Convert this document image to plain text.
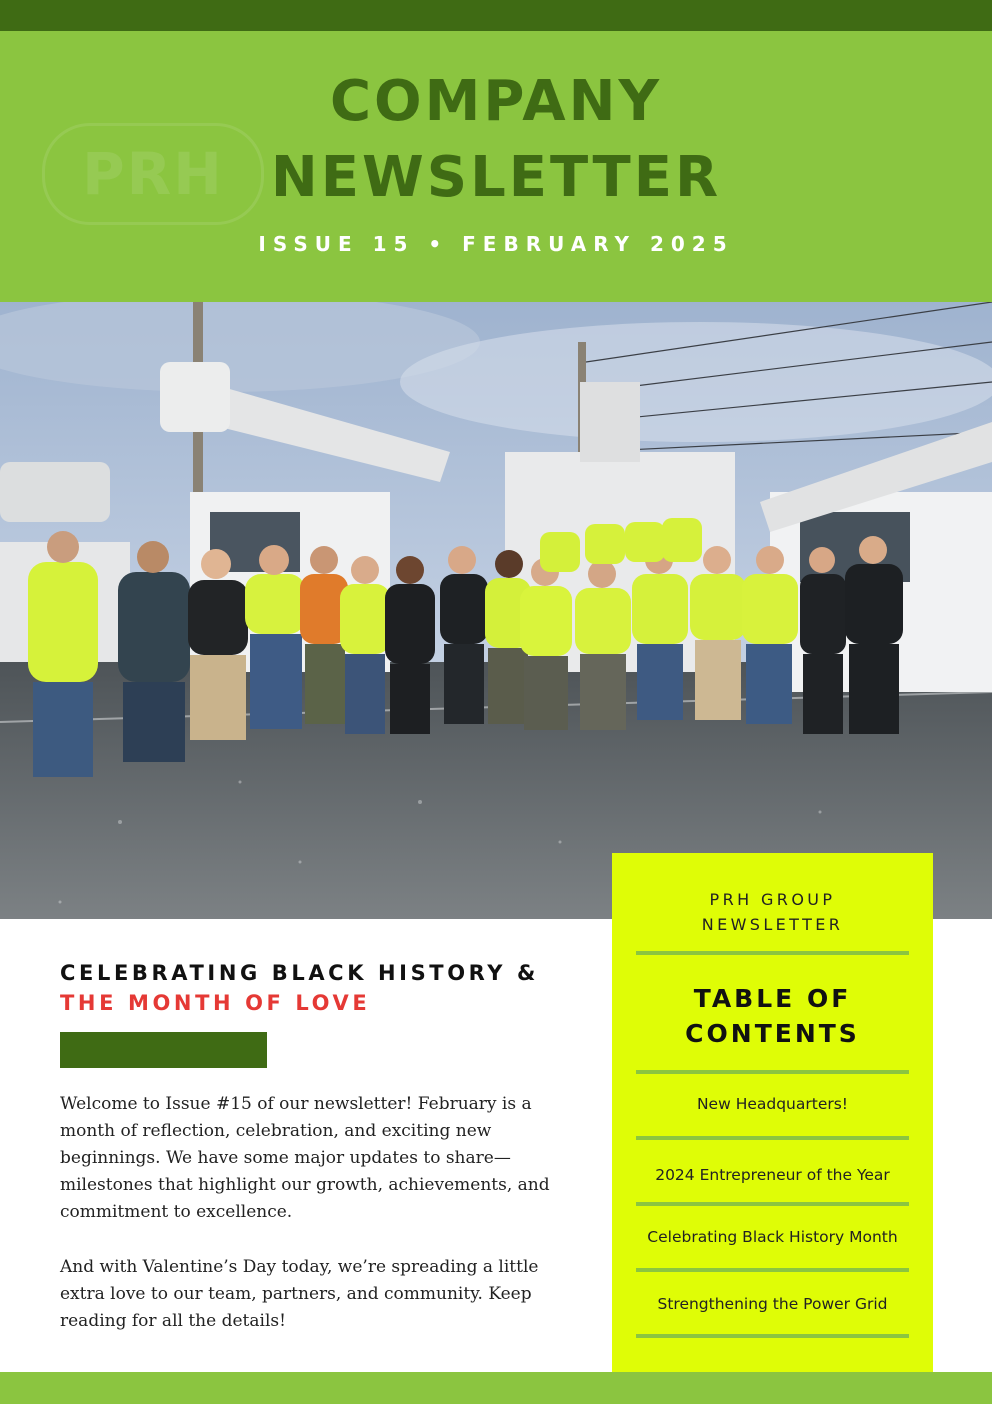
PRH
COMPANY
NEWSLETTER
ISSUE 15 • FEBRUARY 2025
CELEBRATING BLACK HISTORY &
THE MONTH OF LOVE
Welcome to Issue #15 of our newsletter! February is a month of reflection, celebration, and exciting new beginnings. We have some major updates to share—milestones that highlight our growth, achievements, and commitment to excellence.
And with Valentine’s Day today, we’re spreading a little extra love to our team, partners, and community. Keep reading for all the details!
PRH GROUP
NEWSLETTER
TABLE OF
CONTENTS
New Headquarters!
2024 Entrepreneur of the Year
Celebrating Black History Month
Strengthening the Power Grid
